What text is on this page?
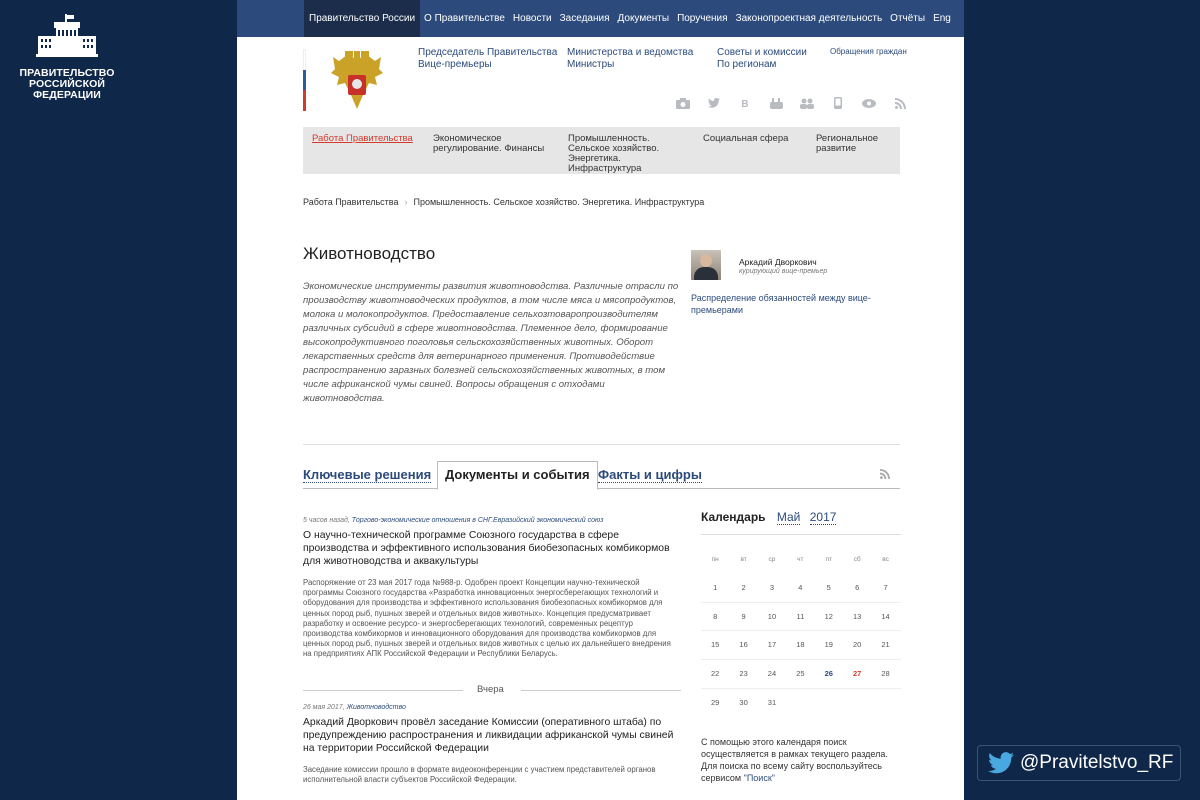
ПРАВИТЕЛЬСТВО
РОССИЙСКОЙ
ФЕДЕРАЦИИ
@Pravitelstvo_RF
Правительство России О Правительстве Новости Заседания Документы Поручения Законопроектная деятельность Отчёты Eng
Председатель Правительства
Вице-премьеры
Министерства и ведомства
Министры
Советы и комиссии
По регионам
Обращения граждан
В
Работа Правительства	Экономическое регулирование. Финансы
Промышленность. Сельское хозяйство. Энергетика. Инфраструктура
Социальная сфера	Региональное развитие
Работа Правительства › Промышленность. Сельское хозяйство. Энергетика. Инфраструктура
Животноводство
Экономические инструменты развития животноводства. Различные отрасли по производству животноводческих продуктов, в том числе мяса и мясопродуктов, молока и молокопродуктов. Предоставление сельхозтоваропроизводителям различных субсидий в сфере животноводства. Племенное дело, формирование высокопродуктивного поголовья сельскохозяйственных животных. Оборот лекарственных средств для ветеринарного применения. Противодействие распространению заразных болезней сельскохозяйственных животных, в том числе африканской чумы свиней. Вопросы обращения с отходами животноводства.
Аркадий Дворкович
курирующий вице-премьер
Распределение обязанностей между вице-премьерами
Ключевые решения	Документы и события Факты и цифры
5 часов назад, Торгово-экономические отношения в СНГ.Евразийский экономический союз
О научно-технической программе Союзного государства в сфере производства и эффективного использования биобезопасных комбикормов для животноводства и аквакультуры
Распоряжение от 23 мая 2017 года №988-р. Одобрен проект Концепции научно-технической программы Союзного государства «Разработка инновационных энергосберегающих технологий и оборудования для производства и эффективного использования биобезопасных комбикормов для ценных пород рыб, пушных зверей и отдельных видов животных». Концепция предусматривает разработку и освоение ресурсо- и энергосберегающих технологий, современных рецептур производства комбикормов и инновационного оборудования для производства комбикормов для ценных пород рыб, пушных зверей и отдельных видов животных с целью их дальнейшего внедрения на предприятиях АПК Российской Федерации и Республики Беларусь.
Вчера
26 мая 2017, Животноводство
Аркадий Дворкович провёл заседание Комиссии (оперативного штаба) по предупреждению распространения и ликвидации африканской чумы свиней на территории Российской Федерации
Заседание комиссии прошло в формате видеоконференции с участием представителей органов исполнительной власти субъектов Российской Федерации.
Календарь Май 2017
пн	вт	ср	чт	пт	сб	вс
1	2	3	4	5	6	7
8	9	10	11	12	13	14
15	16	17	18	19	20	21
22	23	24	25	26	27	28
29	30	31
С помощью этого календаря поиск осуществляется в рамках текущего раздела. Для поиска по всему сайту воспользуйтесь сервисом "Поиск"
